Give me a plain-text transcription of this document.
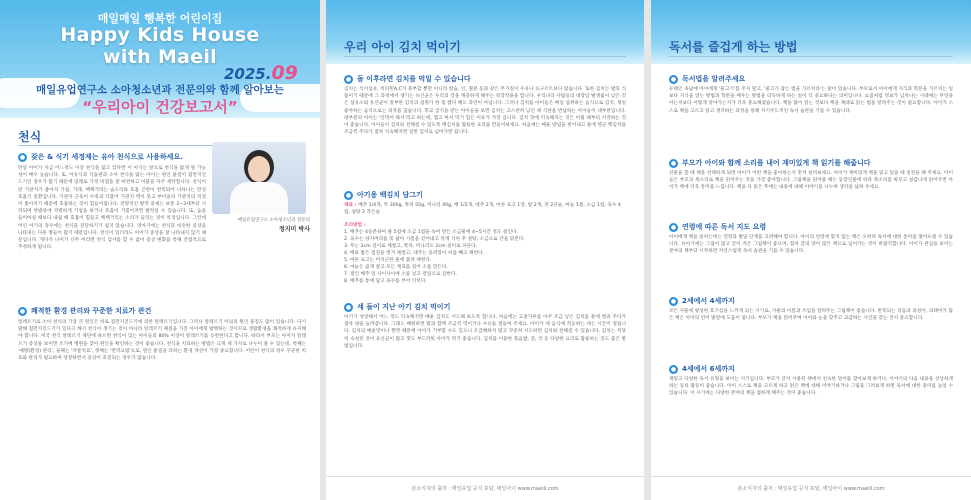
매일매일 행복한 어린이집
Happy Kids House
with Maeil
2025.09
매일유업연구소 소아청소년과 전문의와 함께 알아보는
“우리아이 건강보고서”
천식
● 잦은 & 식기 세정제는 유아 천식으로 사용하세요.
만일 아이가 지금 어느정도 이상 천식을 앓고 있다면 이 아기는 앞으로 천식을 앓게 될 가능성이 매우 높습니다. 또, 이유식과 식습관과 소아 천식을 앓는 아이는 원인 물질이 집먼지진드기인 경우가 많기 때문에 일례로 가정 비염을 잘 마련하고 이불을 자주 세탁합니다. 천식이란 기관지가 좁아져 기침, 가래, 쌕쌕거리는 숨소리와 호흡 곤란이 반복되어 나타나는 만성 호흡기 질환입니다. 기관지 근육이 수축과 더불어 기관지 벽이 붓고 부어올라 기관지의 직경이 좁아지기 때문에 호흡하는 것이 힘들어집니다. 전형적인 발작 증세는 보통 2~3세부터 시작되며 한밤중에 격렬하게 기침을 하거나 호흡이 거칠어지면 발작일 수 있습니다. 또, 숨을 들이마실 때보다 내쉴 때 호흡이 힘들고 쌕쌕거리는 소리가 들리는 것이 특징입니다. 그런데 어린 아기의 경우에는 천식을 진단하기가 쉽지 않습니다. 영아기에는 천식과 비슷한 증상을 나타내는 다른 병들이 많기 때문입니다. 천식이 있더라도 아이가 증상을 잘 나타내지 않기 때문입니다. 게다가 나이가 너무 어리면 천식 검사를 할 수 없어 증상 변화를 통해 간접적으로 추정하게 됩니다.
매일유업연구소 소아청소년과 전문의
정지미 박사
● 쾌적한 환경 관리와 꾸준한 치료가 관건
알레르기로 소아 천식의 가장 큰 원인은 바로 집먼지진드기에 의한 알레르기입니다. 그러나 알레르기 이외의 원인 물질도 많이 있습니다. 다시 말해 집먼지진드기가 있다고 해서 천식이 생기는 것이 아니라 알레르기 체질을 가진 아이에게 발병하는 것이므로 생활환경을 쾌적하게 유지해야 합니다. 미국 천식 알레르기 재단에 따르면 천식이 있는 아이들의 80% 이상이 알레르기를 동반한다고 합니다. 따라서 부모는 아이가 알레르기 증상을 보이면 조기에 병원을 찾아 원인을 확인하는 것이 좋습니다. 천식을 치료하는 방법은 크게 세 가지로 나누어 볼 수 있는데, 첫째는 '예방(환경) 관리', 둘째는 '약물치료', 셋째는 '면역요법'으로, 원인 물질을 피하는 환경 개선이 가장 중요합니다. 어린이 천식의 경우 꾸준한 치료와 관리가 필요하며 성장하면서 증상이 호전되는 경우가 많습니다.
우리 아이 김치 먹이기
● 돌 이후라면 김치를 먹일 수 있습니다
김치는 식이섬유, 비타민A,C가 풍부할 뿐만 아니라 칼슘, 인, 철분 등과 같은 무기질이 우유나 요구르트보다 많습니다. 또한 김치는 발효 식품이기 때문에 그 과정에서 생기는 유산균은 우리의 장을 깨끗하게 해주는 정장작용을 합니다. 우리나라 사람들의 대장암 발생률이 낮은 것은 섬유소와 유산균이 풍부한 김치의 섭취가 한 몫 했다 해도 과언이 아닙니다. 그러나 김치를 아이들은 매일 섭취하는 음식으로 김치, 제일 좋아하는 음식으로는 피자를 꼽습니다. 학교 급식을 받는 아이들을 보면 김치는 고스란히 남긴 채 식판을 반납하는 아이들이 대부분입니다. 대부분의 아이는 '안먹어 봐서'라고 하는데, 맵고 짜서 먹기 힘든 이유가 가장 큽니다. 김치 맛에 익숙해지는 것은 어릴 때부터 시작하는 것이 좋습니다. 아이들이 김치와 친해질 수 있도록 백김치를 활용한 요리를 만들어보세요. 처음에는 매운 양념을 씻어내고 물에 헹군 백김치를 조금씩 주다가 점차 익숙해지면 일반 김치로 넘어가면 됩니다.
● 아기용 백김치 담그기
재료 : 배추 1/4개, 무 300g, 쪽파 50g, 미나리 40g, 배 1/2개, 대추 2개, 마른 표고 1장, 밤 2개, 잣 2큰술, 마늘 1톨, 소금 1컵, 육수 4컵, 설탕 2 작은술
조리방법 :
1. 배추는 4등분하여 물 5컵에 소금 1컵을 녹여 만든 소금물에 4~5시간 정도 절인다.
2. 육수는 양지머리를 푹 삶아 기름을 걷어내고 차게 식힌 후 설탕, 소금으로 간을 맞춘다.
3. 무는 2cm 길이로 채썰고, 쪽파, 미나리도 2cm 길이로 자른다.
4. 배와 밤은 껍질을 벗겨 채썰고, 대추는 돌려깎아 씨를 빼고 채썬다.
5. 마른 표고는 미지근한 물에 불려 채썬다.
6. 마늘은 곱게 갈고 모든 재료를 섞어 소를 만든다.
7. 절인 배추 잎 사이사이에 소를 넣고 겉잎으로 감싼다.
8. 배추를 통에 담고 육수를 부어 익힌다.
● 세 돌이 지난 아기 김치 먹이기
아기가 성장해서 어느 정도 익숙해지면 매운 김치도 시도해 보도록 합니다. 처음에는 고춧가루를 아주 조금 넣은 김치를 물에 헹궈 주다가 점차 양을 늘려갑니다. 그래도 매워하면 밥과 함께 조금씩 먹이거나 우유를 곁들여 주세요. 아이가 새 음식에 적응하는 데는 시간이 걸립니다. 김치의 매운맛이나 짠맛 때문에 아이가 거부할 수도 있으니 조급해하지 말고 꾸준히 시도하면 김치와 친해질 수 있습니다. 김치는 적당히 숙성된 것이 유산균이 많고 맛도 부드러워 아이가 먹기 좋습니다. 김치를 이용한 볶음밥, 전, 국 등 다양한 요리로 활용하는 것도 좋은 방법입니다.
본소식지의 출처 : 매일유업 공식 포털, 매일아이 www.maeili.com
독서를 즐겁게 하는 방법
● 독서법을 알려주세요
유태인 속담에 아이에게 '물고기'를 주지 말고, '물고기 잡는 법을 가르쳐라'는 말이 있습니다. 부모로서 아이에게 지식과 학문을 가르치는 일보다 지식을 얻는 방법과 학문을 배우는 방법을 터득하게 하는 일이 더 중요하다는 의미입니다. 요즘처럼 정보가 넘쳐나는 시대에는 무엇을 아는지보다 어떻게 알아가는지가 더욱 중요해졌습니다. 책을 많이 읽는 것보다 책을 제대로 읽는 법을 알려주는 것이 필요합니다. 아이가 스스로 책을 고르고 읽고 생각하는 과정을 통해 자기주도적인 독서 습관을 기를 수 있습니다.
● 부모가 아이와 함께 소리를 내어 재미있게 책 읽기를 해줍니다
선물을 할 때 책을 선택하게 되면 아이가 어떤 책을 좋아하는지 먼저 살펴보세요. 아이가 재미있게 책을 읽고 있을 때 칭찬을 해 주세요. 아이들은 부모의 목소리로 책을 읽어주는 것을 가장 좋아합니다. 그림책을 읽어줄 때는 등장인물에 따라 목소리를 바꾸고 실감나게 읽어주면 아이가 책에 더욱 흥미를 느낍니다. 책을 다 읽은 후에는 내용에 대해 이야기를 나누며 생각을 넓혀 주세요.
● 연령에 따른 독서 지도 요령
아이에게 책을 읽히는데는 연령과 발달 단계를 고려해야 합니다. 아이의 연령에 맞지 않는 책은 오히려 독서에 대한 흥미를 떨어뜨릴 수 있습니다. 유아기에는 그림이 많고 글이 적은 그림책이 좋으며, 점차 글의 양이 많은 책으로 넘어가는 것이 바람직합니다. 아이가 관심을 보이는 분야의 책부터 시작하면 자연스럽게 독서 습관을 기를 수 있습니다.
● 2세에서 4세까지
모든 사물에 왕성한 호기심을 느끼게 되는 시기로, 사물의 이름과 쓰임을 알려주는 그림책이 좋습니다. 반복되는 리듬과 의성어, 의태어가 많은 책은 아이의 언어 발달에 도움이 됩니다. 부모가 책을 읽어주며 아이와 눈을 맞추고 교감하는 시간을 갖는 것이 중요합니다.
● 4세에서 6세까지
재밌고 다양한 독서 유형을 보이는 시기입니다. 부모가 글자 사용된 책에서 친숙한 단어를 찾아보게 하거나, 이야기의 다음 내용을 상상하게 하는 등의 활동이 좋습니다. 아이 스스로 책을 고르게 하고 읽은 책에 대해 이야기하거나 그림을 그려보게 하면 독서에 대한 흥미를 높일 수 있습니다. 이 시기에는 다양한 분야의 책을 접하게 해주는 것이 좋습니다.
본소식지의 출처 : 매일유업 공식 포털, 매일아이 www.maeili.com
